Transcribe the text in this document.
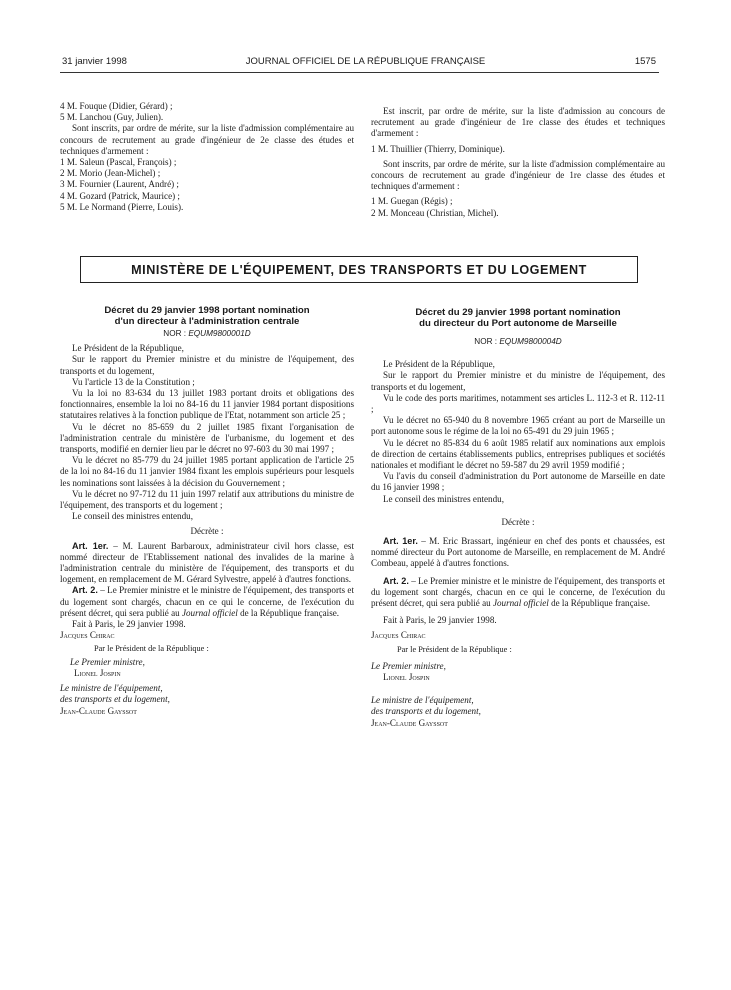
31 janvier 1998	JOURNAL OFFICIEL DE LA RÉPUBLIQUE FRANÇAISE	1575

4 M. Fouque (Didier, Gérard) ;

5 M. Lanchou (Guy, Julien).

Sont inscrits, par ordre de mérite, sur la liste d'admission complémentaire au concours de recrutement au grade d'ingénieur de 2e classe des études et techniques d'armement :

1 M. Saleun (Pascal, François) ;

2 M. Morio (Jean-Michel) ;

3 M. Fournier (Laurent, André) ;

4 M. Gozard (Patrick, Maurice) ;

5 M. Le Normand (Pierre, Louis).

Est inscrit, par ordre de mérite, sur la liste d'admission au concours de recrutement au grade d'ingénieur de 1re classe des études et techniques d'armement :

1 M. Thuillier (Thierry, Dominique).

Sont inscrits, par ordre de mérite, sur la liste d'admission complémentaire au concours de recrutement au grade d'ingénieur de 1re classe des études et techniques d'armement :

1 M. Guegan (Régis) ;

2 M. Monceau (Christian, Michel).

MINISTÈRE DE L'ÉQUIPEMENT, DES TRANSPORTS ET DU LOGEMENT
Décret du 29 janvier 1998 portant nomination
d'un directeur à l'administration centrale
NOR : EQUM9800001D

Le Président de la République,

Sur le rapport du Premier ministre et du ministre de l'équipement, des transports et du logement,

Vu l'article 13 de la Constitution ;

Vu la loi no 83-634 du 13 juillet 1983 portant droits et obligations des fonctionnaires, ensemble la loi no 84-16 du 11 janvier 1984 portant dispositions statutaires relatives à la fonction publique de l'Etat, notamment son article 25 ;

Vu le décret no 85-659 du 2 juillet 1985 fixant l'organisation de l'administration centrale du ministère de l'urbanisme, du logement et des transports, modifié en dernier lieu par le décret no 97-603 du 30 mai 1997 ;

Vu le décret no 85-779 du 24 juillet 1985 portant application de l'article 25 de la loi no 84-16 du 11 janvier 1984 fixant les emplois supérieurs pour lesquels les nominations sont laissées à la décision du Gouvernement ;

Vu le décret no 97-712 du 11 juin 1997 relatif aux attributions du ministre de l'équipement, des transports et du logement ;

Le conseil des ministres entendu,

Décrète :

Art. 1er. – M. Laurent Barbaroux, administrateur civil hors classe, est nommé directeur de l'Etablissement national des invalides de la marine à l'administration centrale du ministère de l'équipement, des transports et du logement, en remplacement de M. Gérard Sylvestre, appelé à d'autres fonctions.

Art. 2. – Le Premier ministre et le ministre de l'équipement, des transports et du logement sont chargés, chacun en ce qui le concerne, de l'exécution du présent décret, qui sera publié au Journal officiel de la République française.

Fait à Paris, le 29 janvier 1998.

Jacques Chirac

Par le Président de la République :

Le Premier ministre,

Lionel Jospin

Le ministre de l'équipement,

des transports et du logement,

Jean-Claude Gayssot

Décret du 29 janvier 1998 portant nomination
du directeur du Port autonome de Marseille
NOR : EQUM9800004D

Le Président de la République,

Sur le rapport du Premier ministre et du ministre de l'équipement, des transports et du logement,

Vu le code des ports maritimes, notamment ses articles L. 112-3 et R. 112-11 ;

Vu le décret no 65-940 du 8 novembre 1965 créant au port de Marseille un port autonome sous le régime de la loi no 65-491 du 29 juin 1965 ;

Vu le décret no 85-834 du 6 août 1985 relatif aux nominations aux emplois de direction de certains établissements publics, entreprises publiques et sociétés nationales et modifiant le décret no 59-587 du 29 avril 1959 modifié ;

Vu l'avis du conseil d'administration du Port autonome de Marseille en date du 16 janvier 1998 ;

Le conseil des ministres entendu,

Décrète :

Art. 1er. – M. Eric Brassart, ingénieur en chef des ponts et chaussées, est nommé directeur du Port autonome de Marseille, en remplacement de M. André Combeau, appelé à d'autres fonctions.

Art. 2. – Le Premier ministre et le ministre de l'équipement, des transports et du logement sont chargés, chacun en ce qui le concerne, de l'exécution du présent décret, qui sera publié au Journal officiel de la République française.

Fait à Paris, le 29 janvier 1998.

Jacques Chirac

Par le Président de la République :

Le Premier ministre,

Lionel Jospin

Le ministre de l'équipement,

des transports et du logement,

Jean-Claude Gayssot
